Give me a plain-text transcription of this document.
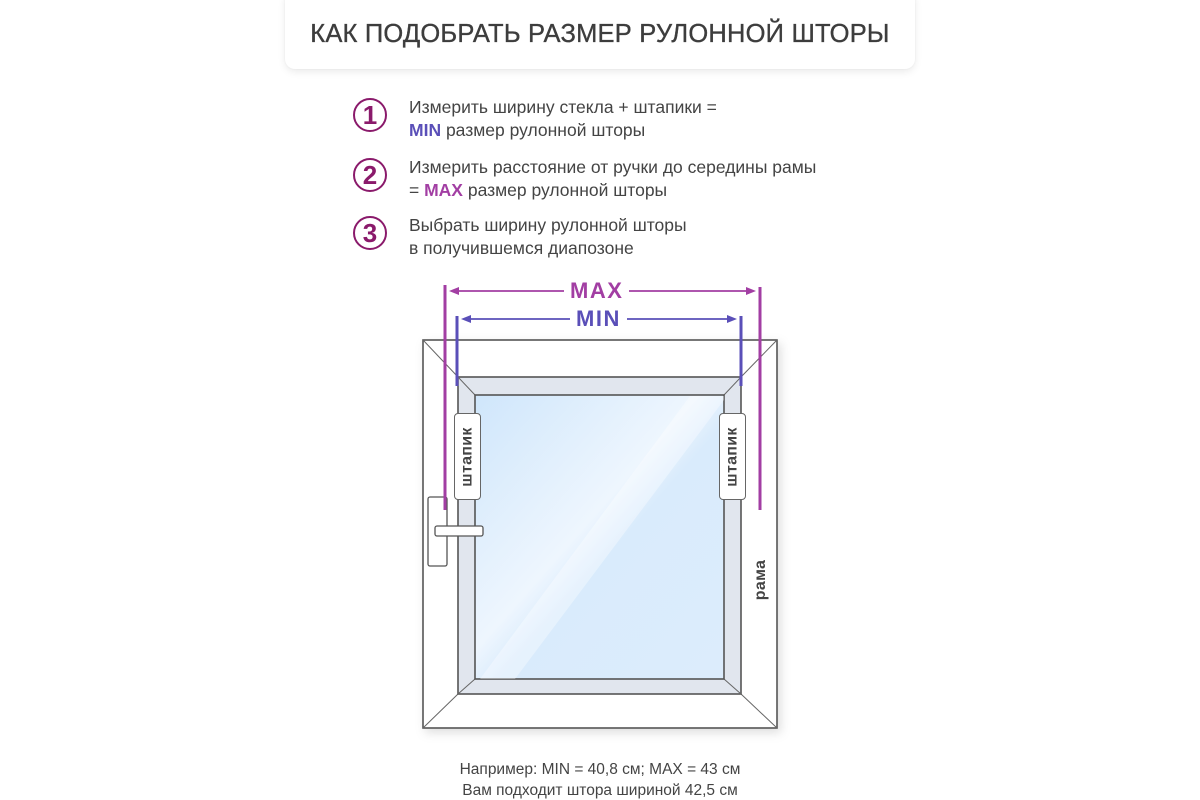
КАК ПОДОБРАТЬ РАЗМЕР РУЛОННОЙ ШТОРЫ
1	Измерить ширину стекла + штапики =
MIN размер рулонной шторы
2	Измерить расстояние от ручки до середины рамы
= MAX размер рулонной шторы
3	Выбрать ширину рулонной шторы
в получившемся диапозоне
MAX
MIN
штапик	штапик
рама
Например: MIN = 40,8 см; MAX = 43 см
Вам подходит штора шириной 42,5 см
